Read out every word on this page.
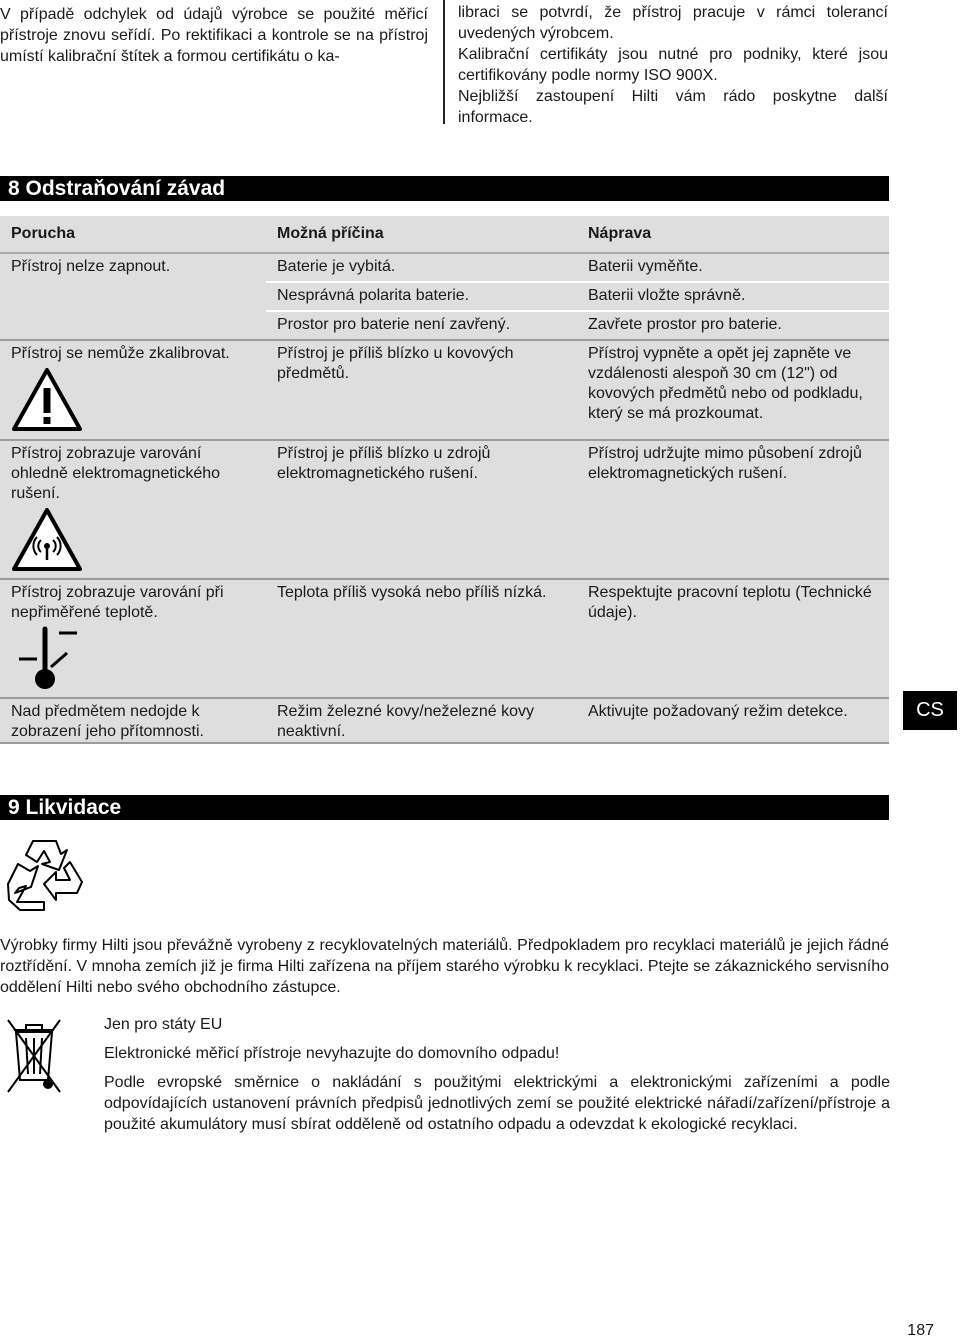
V případě odchylek od údajů výrobce se použité měřicí přístroje znovu seřídí. Po rektifikaci a kontrole se na přístroj umístí kalibrační štítek a formou certifikátu o ka-

libraci se potvrdí, že přístroj pracuje v rámci tolerancí uvedených výrobcem.

Kalibrační certifikáty jsou nutné pro podniky, které jsou certifikovány podle normy ISO 900X.

Nejbližší zastoupení Hilti vám rádo poskytne další informace.

8 Odstraňování závad
Porucha	Možná příčina	Náprava
Přístroj nelze zapnout.	Baterie je vybitá.	Baterii vyměňte.
	Nesprávná polarita baterie.	Baterii vložte správně.
	Prostor pro baterie není zavřený.	Zavřete prostor pro baterie.
Přístroj se nemůže zkalibrovat.	Přístroj je příliš blízko u kovových předmětů.	Přístroj vypněte a opět jej zapněte ve vzdálenosti alespoň 30 cm (12") od kovových předmětů nebo od podkladu, který se má prozkoumat.
Přístroj zobrazuje varování ohledně elektromagnetického rušení.	Přístroj je příliš blízko u zdrojů elektromagnetického rušení.	Přístroj udržujte mimo působení zdrojů elektromagnetických rušení.
Přístroj zobrazuje varování při nepřiměřené teplotě.	Teplota příliš vysoká nebo příliš nízká.	Respektujte pracovní teplotu (Technické údaje).
Nad předmětem nedojde k zobrazení jeho přítomnosti.	Režim železné kovy/neželezné kovy neaktivní.	Aktivujte požadovaný režim detekce.	CS
9 Likvidace
Výrobky firmy Hilti jsou převážně vyrobeny z recyklovatelných materiálů. Předpokladem pro recyklaci materiálů je jejich řádné roztřídění. V mnoha zemích již je firma Hilti zařízena na příjem starého výrobku k recyklaci. Ptejte se zákaznického servisního oddělení Hilti nebo svého obchodního zástupce.
Jen pro státy EU
Elektronické měřicí přístroje nevyhazujte do domovního odpadu!
Podle evropské směrnice o nakládání s použitými elektrickými a elektronickými zařízeními a podle odpovídajících ustanovení právních předpisů jednotlivých zemí se použité elektrické nářadí/zařízení/přístroje a použité akumulátory musí sbírat odděleně od ostatního odpadu a odevzdat k ekologické recyklaci.
187
